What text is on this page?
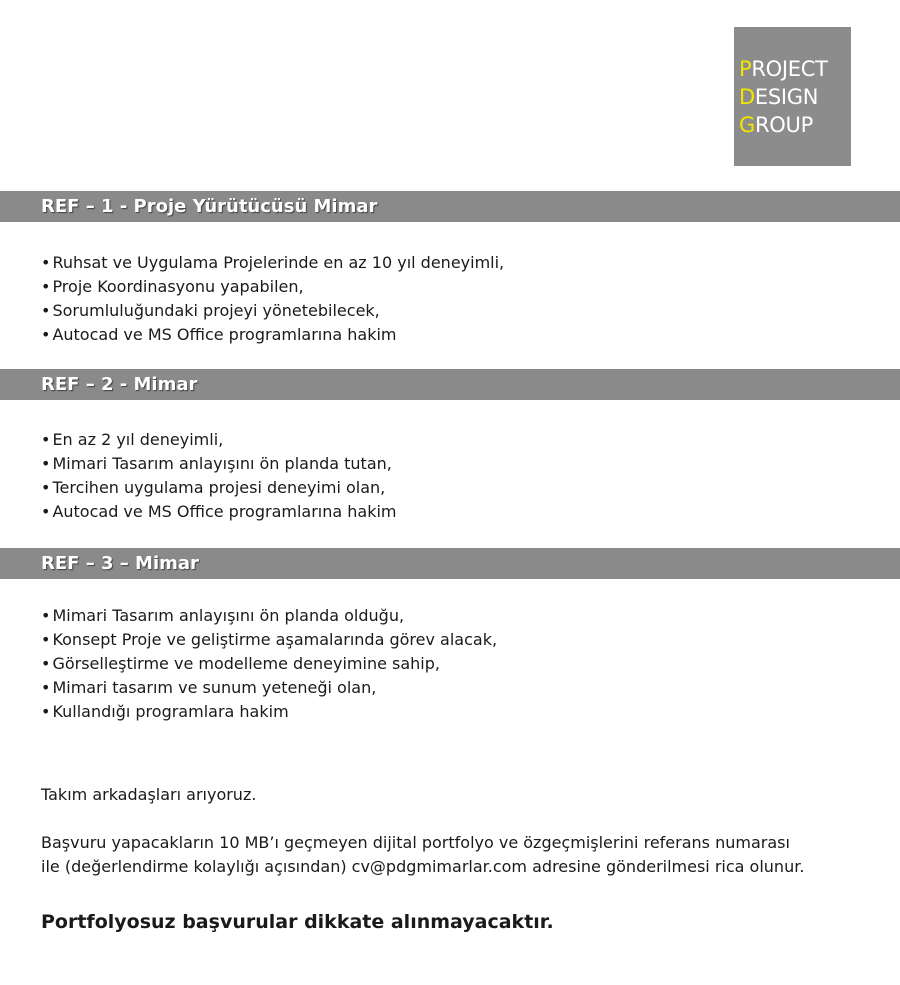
PROJECT
DESIGN
GROUP
REF – 1 - Proje Yürütücüsü Mimar
• Ruhsat ve Uygulama Projelerinde en az 10 yıl deneyimli,
• Proje Koordinasyonu yapabilen,
• Sorumluluğundaki projeyi yönetebilecek,
• Autocad ve MS Office programlarına hakim
REF – 2 - Mimar
• En az 2 yıl deneyimli,
• Mimari Tasarım anlayışını ön planda tutan,
• Tercihen uygulama projesi deneyimi olan,
• Autocad ve MS Office programlarına hakim
REF – 3 – Mimar
• Mimari Tasarım anlayışını ön planda olduğu,
• Konsept Proje ve geliştirme aşamalarında görev alacak,
• Görselleştirme ve modelleme deneyimine sahip,
• Mimari tasarım ve sunum yeteneği olan,
• Kullandığı programlara hakim

Takım arkadaşları arıyoruz.

Başvuru yapacakların 10 MB’ı geçmeyen dijital portfolyo ve özgeçmişlerini referans numarası

ile (değerlendirme kolaylığı açısından) cv@pdgmimarlar.com adresine gönderilmesi rica olunur.

Portfolyosuz başvurular dikkate alınmayacaktır.
